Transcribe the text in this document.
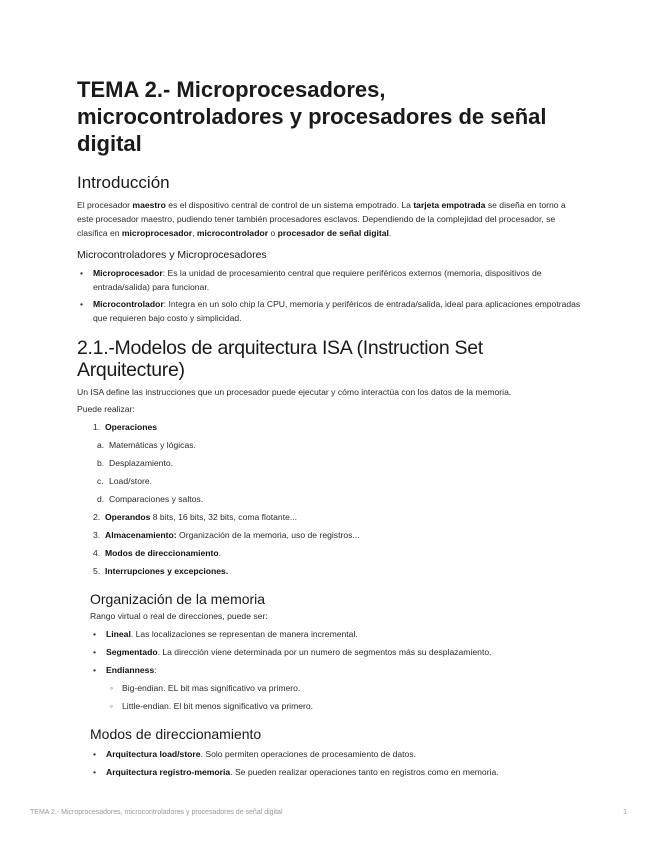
TEMA 2.- Microprocesadores, microcontroladores y procesadores de señal digital
Introducción

El procesador maestro es el dispositivo central de control de un sistema empotrado. La tarjeta empotrada se diseña en torno a este procesador maestro, pudiendo tener también procesadores esclavos. Dependiendo de la complejidad del procesador, se clasifica en microprocesador, microcontrolador o procesador de señal digital.

Microcontroladores y Microprocesadores
• Microprocesador: Es la unidad de procesamiento central que requiere periféricos externos (memoria, dispositivos de entrada/salida) para funcionar.
• Microcontrolador: Integra en un solo chip la CPU, memoria y periféricos de entrada/salida, ideal para aplicaciones empotradas que requieren bajo costo y simplicidad.
2.1.-Modelos de arquitectura ISA (Instruction Set Arquitecture)

Un ISA define las instrucciones que un procesador puede ejecutar y cómo interactúa con los datos de la memoria.

Puede realizar:

1. Operaciones
a. Matemáticas y lógicas.
b. Desplazamiento.
c. Load/store.
d. Comparaciones y saltos.
2. Operandos 8 bits, 16 bits, 32 bits, coma flotante...
3. Almacenamiento: Organización de la memoria, uso de registros...
4. Modos de direccionamiento.
5. Interrupciones y excepciones.
Organización de la memoria

Rango virtual o real de direcciones, puede ser:

• Lineal. Las localizaciones se representan de manera incremental.
• Segmentado. La dirección viene determinada por un numero de segmentos más su desplazamiento.
• Endianness:
◦ Big-endian. EL bit mas significativo va primero.
◦ Little-endian. El bit menos significativo va primero.
Modos de direccionamiento
• Arquitectura load/store. Solo permiten operaciones de procesamiento de datos.
• Arquitectura registro-memoria. Se pueden realizar operaciones tanto en registros como en memoria.
TEMA 2.- Microprocesadores, microcontroladores y procesadores de señal digital	1
